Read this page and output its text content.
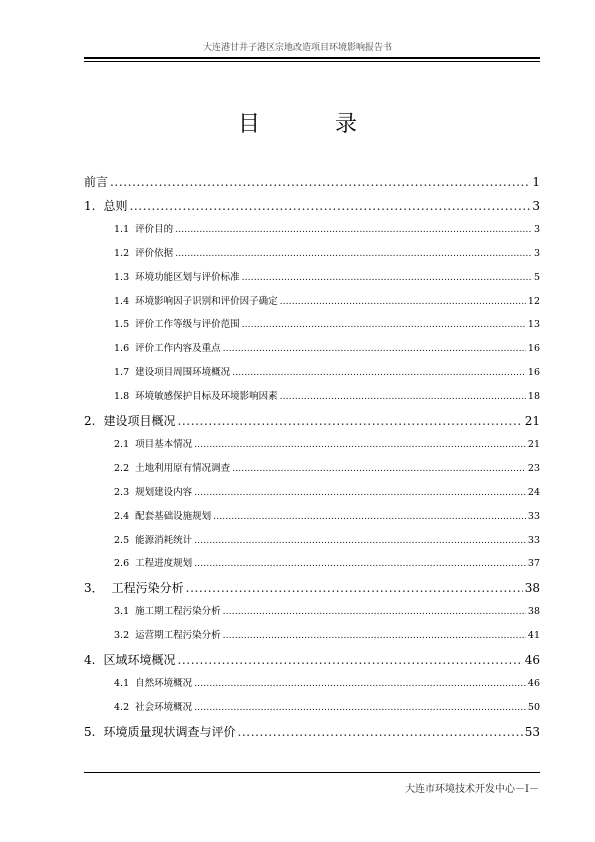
大连港甘井子港区宗地改造项目环境影响报告书
目 录
前言 .....	1
1. 总则 .....	3
1.1 评价目的 .....	3
1.2 评价依据 .....	3
1.3 环境功能区划与评价标准 .....	5
1.4 环境影响因子识别和评价因子确定 .....	12
1.5 评价工作等级与评价范围 .....	13
1.6 评价工作内容及重点 .....	16
1.7 建设项目周围环境概况 .....	16
1.8 环境敏感保护目标及环境影响因素 .....	18
2. 建设项目概况 .....	21
2.1 项目基本情况 .....	21
2.2 土地利用原有情况调查 .....	23
2.3 规划建设内容 .....	24
2.4 配套基础设施规划 .....	33
2.5 能源消耗统计 .....	33
2.6 工程进度规划 .....	37
3． 工程污染分析 .....	38
3.1 施工期工程污染分析 .....	38
3.2 运营期工程污染分析 .....	41
4. 区域环境概况 .....	46
4.1 自然环境概况 .....	46
4.2 社会环境概况 .....	50
5. 环境质量现状调查与评价 .....	53
大连市环境技术开发中心－I－
